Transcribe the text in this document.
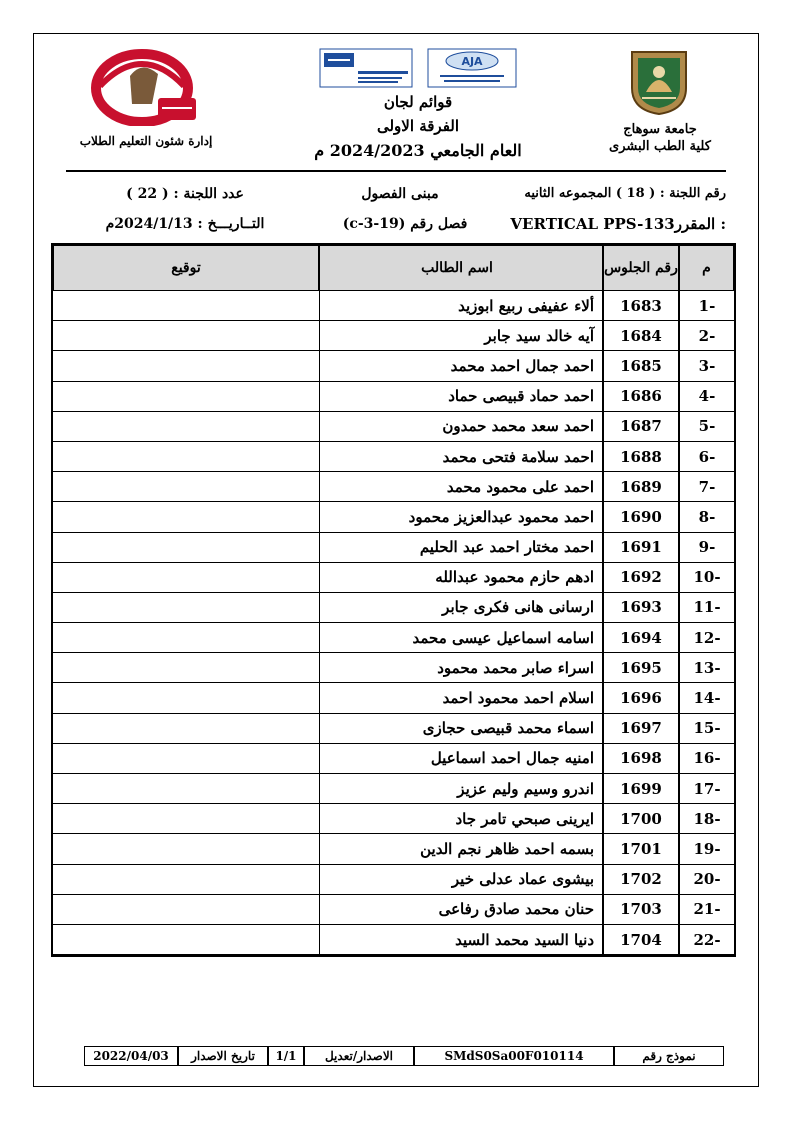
جامعة سوهاج
كلية الطب البشرى
AJA
قوائم لجان
الفرقة الاولى
العام الجامعي 2024/2023 م
إدارة شئون التعليم الطلاب
رقم اللجنة : ( 18 ) المجموعه الثانيه
مبنى الفصول
عدد اللجنة : ( 22 )
VERTICAL PPS-133المقرر :
فصل رقم (19-3-c)
التــاريـــخ : 2024/1/13م
م	رقم الجلوس	اسم الطالب	توقيع
-1	1683	ألاء عفيفى ربيع ابوزيد	
-2	1684	آيه خالد سيد جابر	
-3	1685	احمد جمال احمد محمد	
-4	1686	احمد حماد قبيصى حماد	
-5	1687	احمد سعد محمد حمدون	
-6	1688	احمد سلامة فتحى محمد	
-7	1689	احمد على محمود محمد	
-8	1690	احمد محمود عبدالعزيز محمود	
-9	1691	احمد مختار احمد عبد الحليم	
-10	1692	ادهم حازم محمود عبدالله	
-11	1693	ارسانى هانى فكرى جابر	
-12	1694	اسامه اسماعيل عيسى محمد	
-13	1695	اسراء صابر محمد محمود	
-14	1696	اسلام احمد محمود احمد	
-15	1697	اسماء محمد قبيصى حجازى	
-16	1698	امنيه جمال احمد اسماعيل	
-17	1699	اندرو وسيم وليم عزيز	
-18	1700	ايرينى صبحي تامر جاد	
-19	1701	بسمه احمد ظاهر نجم الدين	
-20	1702	بيشوى عماد عدلى خير	
-21	1703	حنان محمد صادق رفاعى	
-22	1704	دنيا السيد محمد السيد	
نموذج رقم	SMdS0Sa00F010114	الاصدار/تعديل	1/1	تاريخ الاصدار	2022/04/03
